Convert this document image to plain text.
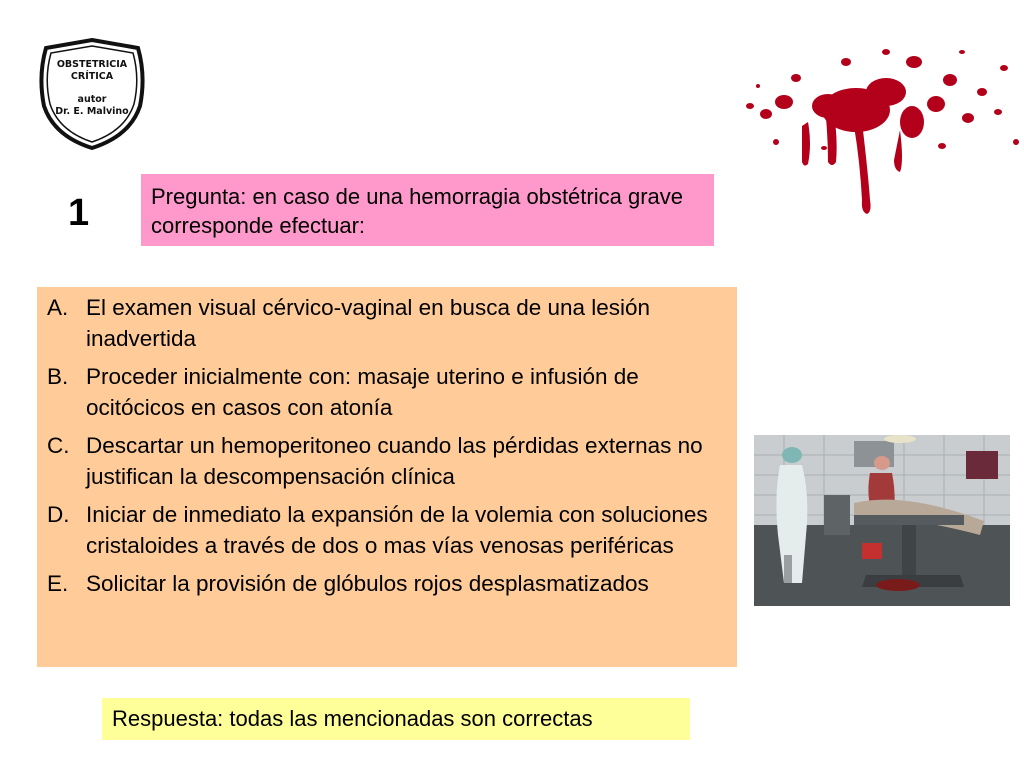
OBSTETRICIA
CRÍTICA
autor
Dr. E. Malvino
1	Pregunta: en caso de una hemorragia obstétrica grave corresponde efectuar:
A. El examen visual cérvico-vaginal en busca de una lesión inadvertida
B. Proceder inicialmente con: masaje uterino e infusión de ocitócicos en casos con atonía
C. Descartar un hemoperitoneo cuando las pérdidas externas no justifican la descompensación clínica
D. Iniciar de inmediato la expansión de la volemia con soluciones cristaloides a través de dos o mas vías venosas periféricas
E. Solicitar la provisión de glóbulos rojos desplasmatizados
Respuesta: todas las mencionadas son correctas
